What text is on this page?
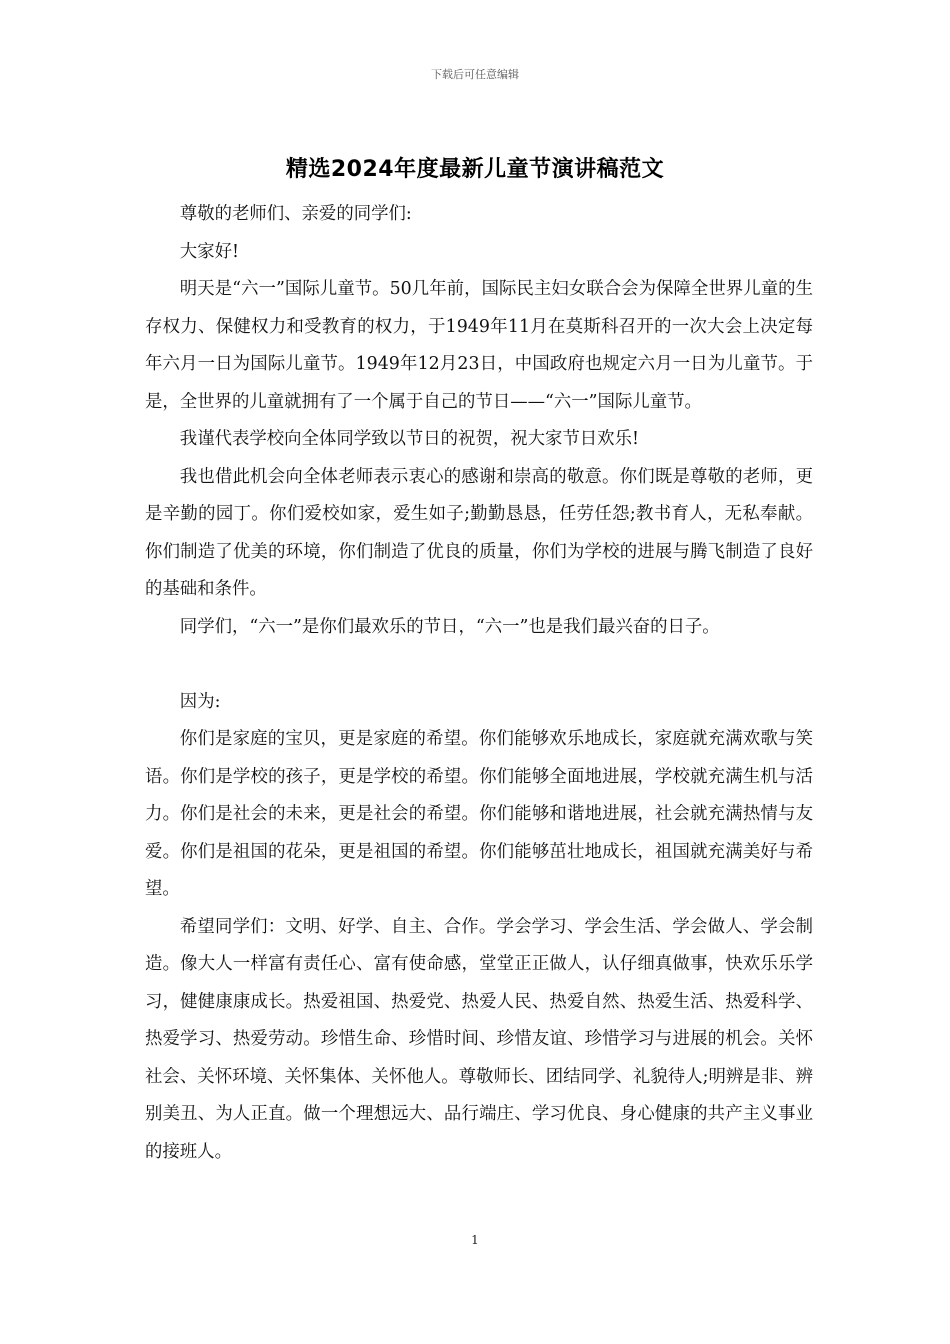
下载后可任意编辑
精选2024年度最新儿童节演讲稿范文

尊敬的老师们、亲爱的同学们:

大家好!

明天是“六一”国际儿童节。50几年前，国际民主妇女联合会为保障全世界儿童的生存权力、保健权力和受教育的权力，于1949年11月在莫斯科召开的一次大会上决定每年六月一日为国际儿童节。1949年12月23日，中国政府也规定六月一日为儿童节。于是，全世界的儿童就拥有了一个属于自己的节日——“六一”国际儿童节。

我谨代表学校向全体同学致以节日的祝贺，祝大家节日欢乐!

我也借此机会向全体老师表示衷心的感谢和崇高的敬意。你们既是尊敬的老师，更是辛勤的园丁。你们爱校如家，爱生如子;勤勤恳恳，任劳任怨;教书育人，无私奉献。你们制造了优美的环境，你们制造了优良的质量，你们为学校的进展与腾飞制造了良好的基础和条件。

同学们，“六一”是你们最欢乐的节日，“六一”也是我们最兴奋的日子。

因为:

你们是家庭的宝贝，更是家庭的希望。你们能够欢乐地成长，家庭就充满欢歌与笑语。你们是学校的孩子，更是学校的希望。你们能够全面地进展，学校就充满生机与活力。你们是社会的未来，更是社会的希望。你们能够和谐地进展，社会就充满热情与友爱。你们是祖国的花朵，更是祖国的希望。你们能够茁壮地成长，祖国就充满美好与希望。

希望同学们：文明、好学、自主、合作。学会学习、学会生活、学会做人、学会制造。像大人一样富有责任心、富有使命感，堂堂正正做人，认仔细真做事，快欢乐乐学习，健健康康成长。热爱祖国、热爱党、热爱人民、热爱自然、热爱生活、热爱科学、热爱学习、热爱劳动。珍惜生命、珍惜时间、珍惜友谊、珍惜学习与进展的机会。关怀社会、关怀环境、关怀集体、关怀他人。尊敬师长、团结同学、礼貌待人;明辨是非、辨别美丑、为人正直。做一个理想远大、品行端庄、学习优良、身心健康的共产主义事业的接班人。

1
